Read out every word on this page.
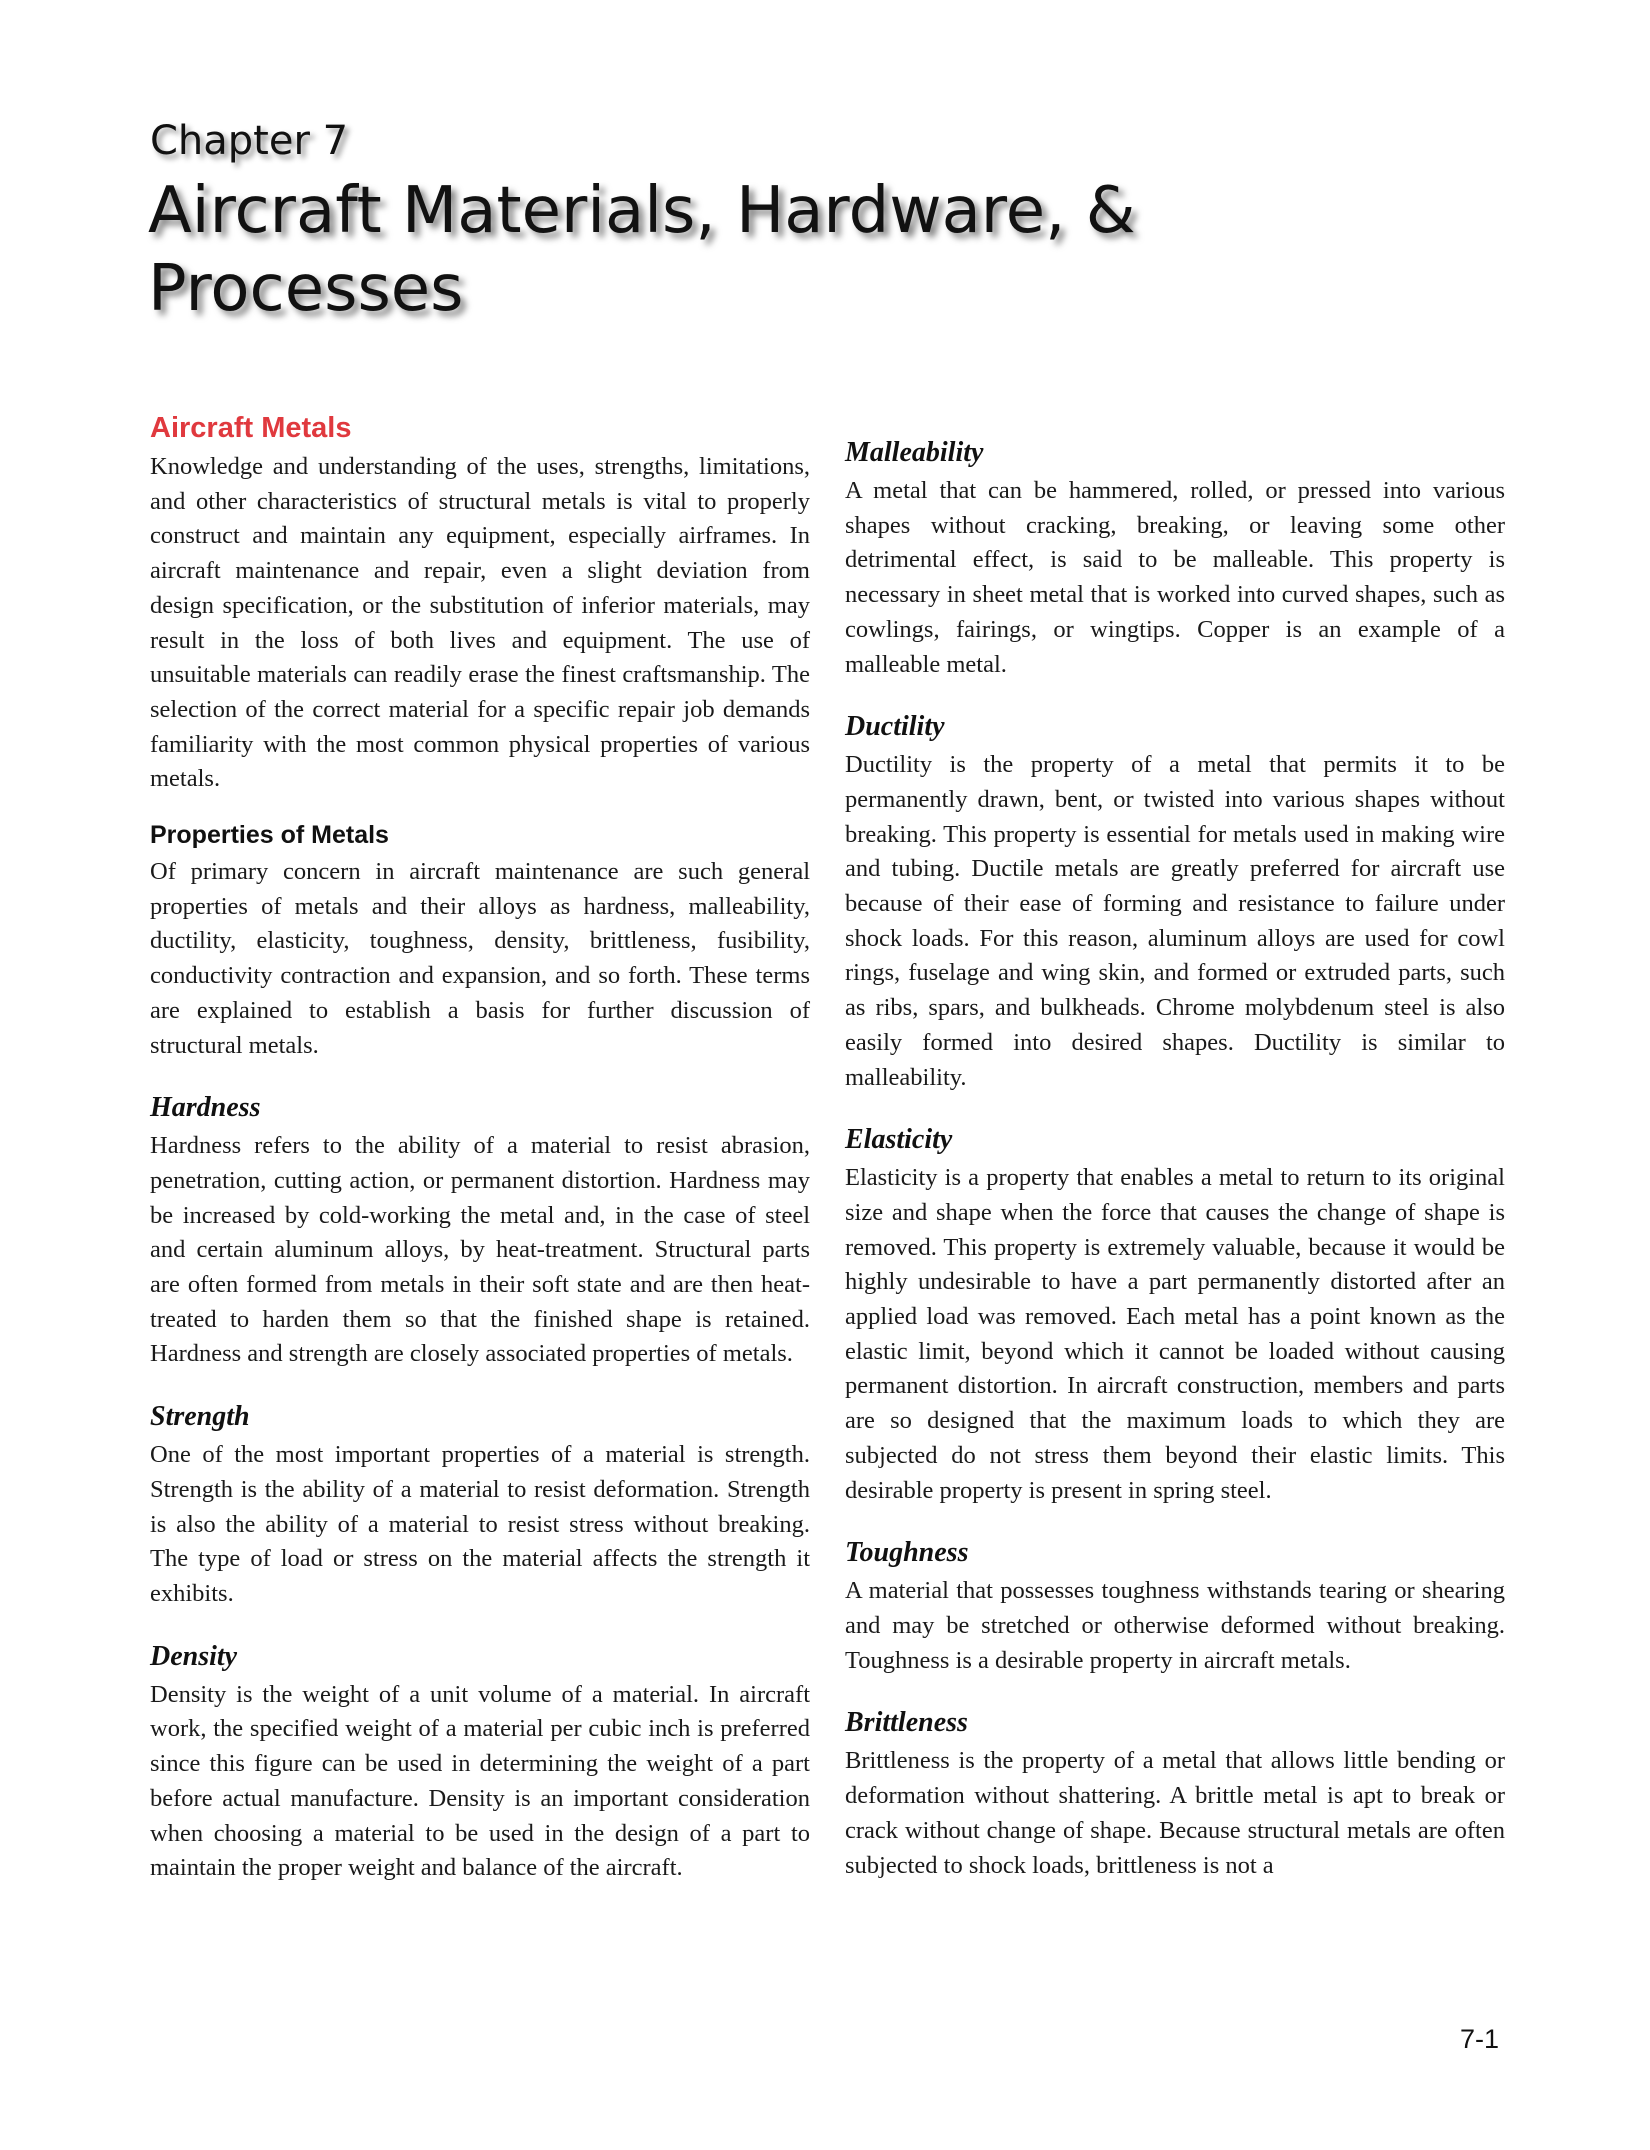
Chapter 7
Aircraft Materials, Hardware, & Processes
Aircraft Metals

Knowledge and understanding of the uses, strengths, limitations, and other characteristics of structural metals is vital to properly construct and maintain any equipment, especially airframes. In aircraft maintenance and repair, even a slight deviation from design specification, or the substitution of inferior materials, may result in the loss of both lives and equipment. The use of unsuitable materials can readily erase the finest craftsmanship. The selection of the correct material for a specific repair job demands familiarity with the most common physical properties of various metals.

Properties of Metals

Of primary concern in aircraft maintenance are such general properties of metals and their alloys as hardness, malleability, ductility, elasticity, toughness, density, brittleness, fusibility, conductivity contraction and expansion, and so forth. These terms are explained to establish a basis for further discussion of structural metals.

Hardness

Hardness refers to the ability of a material to resist abrasion, penetration, cutting action, or permanent distortion. Hardness may be increased by cold-working the metal and, in the case of steel and certain aluminum alloys, by heat-treatment. Structural parts are often formed from metals in their soft state and are then heat-treated to harden them so that the finished shape is retained. Hardness and strength are closely associated properties of metals.

Strength

One of the most important properties of a material is strength. Strength is the ability of a material to resist deformation. Strength is also the ability of a material to resist stress without breaking. The type of load or stress on the material affects the strength it exhibits.

Density

Density is the weight of a unit volume of a material. In aircraft work, the specified weight of a material per cubic inch is preferred since this figure can be used in determining the weight of a part before actual manufacture. Density is an important consideration when choosing a material to be used in the design of a part to maintain the proper weight and balance of the aircraft.

Malleability

A metal that can be hammered, rolled, or pressed into various shapes without cracking, breaking, or leaving some other detrimental effect, is said to be malleable. This property is necessary in sheet metal that is worked into curved shapes, such as cowlings, fairings, or wingtips. Copper is an example of a malleable metal.

Ductility

Ductility is the property of a metal that permits it to be permanently drawn, bent, or twisted into various shapes without breaking. This property is essential for metals used in making wire and tubing. Ductile metals are greatly preferred for aircraft use because of their ease of forming and resistance to failure under shock loads. For this reason, aluminum alloys are used for cowl rings, fuselage and wing skin, and formed or extruded parts, such as ribs, spars, and bulkheads. Chrome molybdenum steel is also easily formed into desired shapes. Ductility is similar to malleability.

Elasticity

Elasticity is a property that enables a metal to return to its original size and shape when the force that causes the change of shape is removed. This property is extremely valuable, because it would be highly undesirable to have a part permanently distorted after an applied load was removed. Each metal has a point known as the elastic limit, beyond which it cannot be loaded without causing permanent distortion. In aircraft construction, members and parts are so designed that the maximum loads to which they are subjected do not stress them beyond their elastic limits. This desirable property is present in spring steel.

Toughness

A material that possesses toughness withstands tearing or shearing and may be stretched or otherwise deformed without breaking. Toughness is a desirable property in aircraft metals.

Brittleness

Brittleness is the property of a metal that allows little bending or deformation without shattering. A brittle metal is apt to break or crack without change of shape. Because structural metals are often subjected to shock loads, brittleness is not a

7-1
